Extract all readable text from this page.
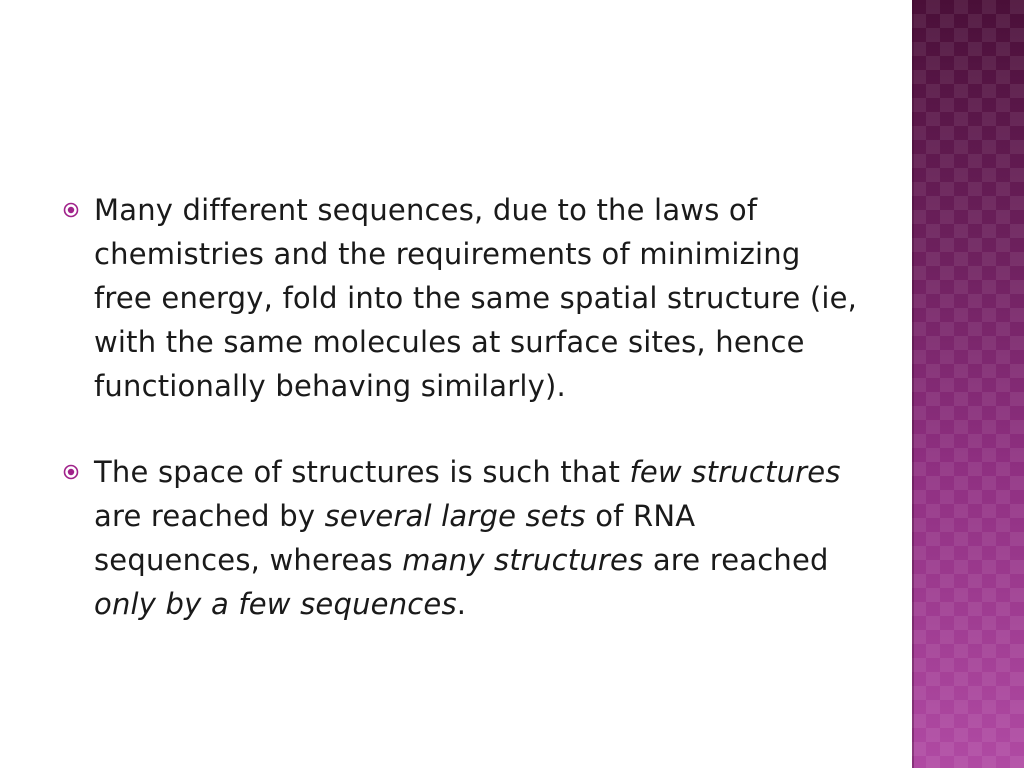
Many different sequences, due to the laws of chemistries and the requirements of minimizing free energy, fold into the same spatial structure (ie, with the same molecules at surface sites, hence functionally behaving similarly).
The space of structures is such that few structures are reached by several large sets of RNA sequences, whereas many structures are reached only by a few sequences.
